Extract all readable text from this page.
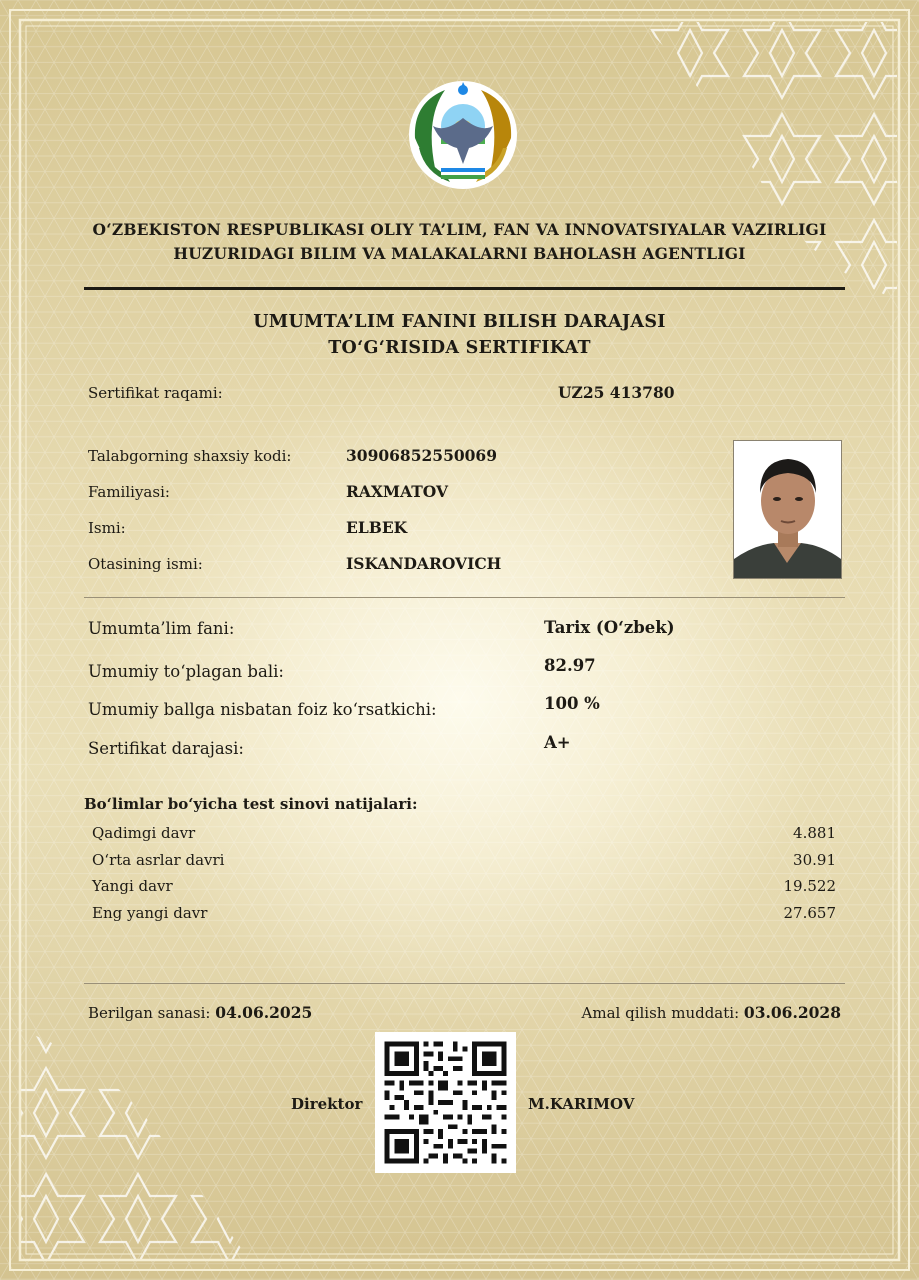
O‘ZBEKISTON RESPUBLIKASI OLIY TA’LIM, FAN VA INNOVATSIYALAR VAZIRLIGI
HUZURIDAGI BILIM VA MALAKALARNI BAHOLASH AGENTLIGI
UMUMTA’LIM FANINI BILISH DARAJASI
TO‘G‘RISIDA SERTIFIKAT
Sertifikat raqami:	UZ25 413780
Talabgorning shaxsiy kodi:	30906852550069
Familiyasi:	RAXMATOV
Ismi:	ELBEK
Otasining ismi:	ISKANDAROVICH
Umumta’lim fani:	Tarix (O‘zbek)
Umumiy to‘plagan bali:	82.97
Umumiy ballga nisbatan foiz ko‘rsatkichi:	100 %
Sertifikat darajasi:	A+
Bo‘limlar bo‘yicha test sinovi natijalari:
Qadimgi davr	4.881
O‘rta asrlar davri	30.91
Yangi davr	19.522
Eng yangi davr	27.657
Berilgan sanasi: 04.06.2025	Amal qilish muddati: 03.06.2028
Direktor	M.KARIMOV
